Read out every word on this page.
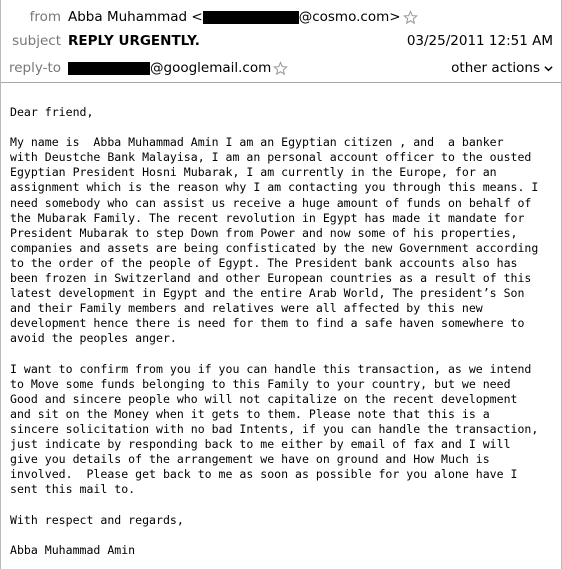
from Abba Muhammad <	@cosmo.com>
subject REPLY URGENTLY.	03/25/2011 12:51 AM
reply-to	@googlemail.com	other actions
Dear friend,

My name is  Abba Muhammad Amin I am an Egyptian citizen , and  a banker
with Deustche Bank Malayisa, I am an personal account officer to the ousted
Egyptian President Hosni Mubarak, I am currently in the Europe, for an
assignment which is the reason why I am contacting you through this means. I
need somebody who can assist us receive a huge amount of funds on behalf of
the Mubarak Family. The recent revolution in Egypt has made it mandate for
President Mubarak to step Down from Power and now some of his properties,
companies and assets are being confisticated by the new Government according
to the order of the people of Egypt. The President bank accounts also has
been frozen in Switzerland and other European countries as a result of this
latest development in Egypt and the entire Arab World, The president’s Son
and their Family members and relatives were all affected by this new
development hence there is need for them to find a safe haven somewhere to
avoid the peoples anger.

I want to confirm from you if you can handle this transaction, as we intend
to Move some funds belonging to this Family to your country, but we need
Good and sincere people who will not capitalize on the recent development
and sit on the Money when it gets to them. Please note that this is a
sincere solicitation with no bad Intents, if you can handle the transaction,
just indicate by responding back to me either by email of fax and I will
give you details of the arrangement we have on ground and How Much is
involved.  Please get back to me as soon as possible for you alone have I
sent this mail to.

With respect and regards,

Abba Muhammad Amin
